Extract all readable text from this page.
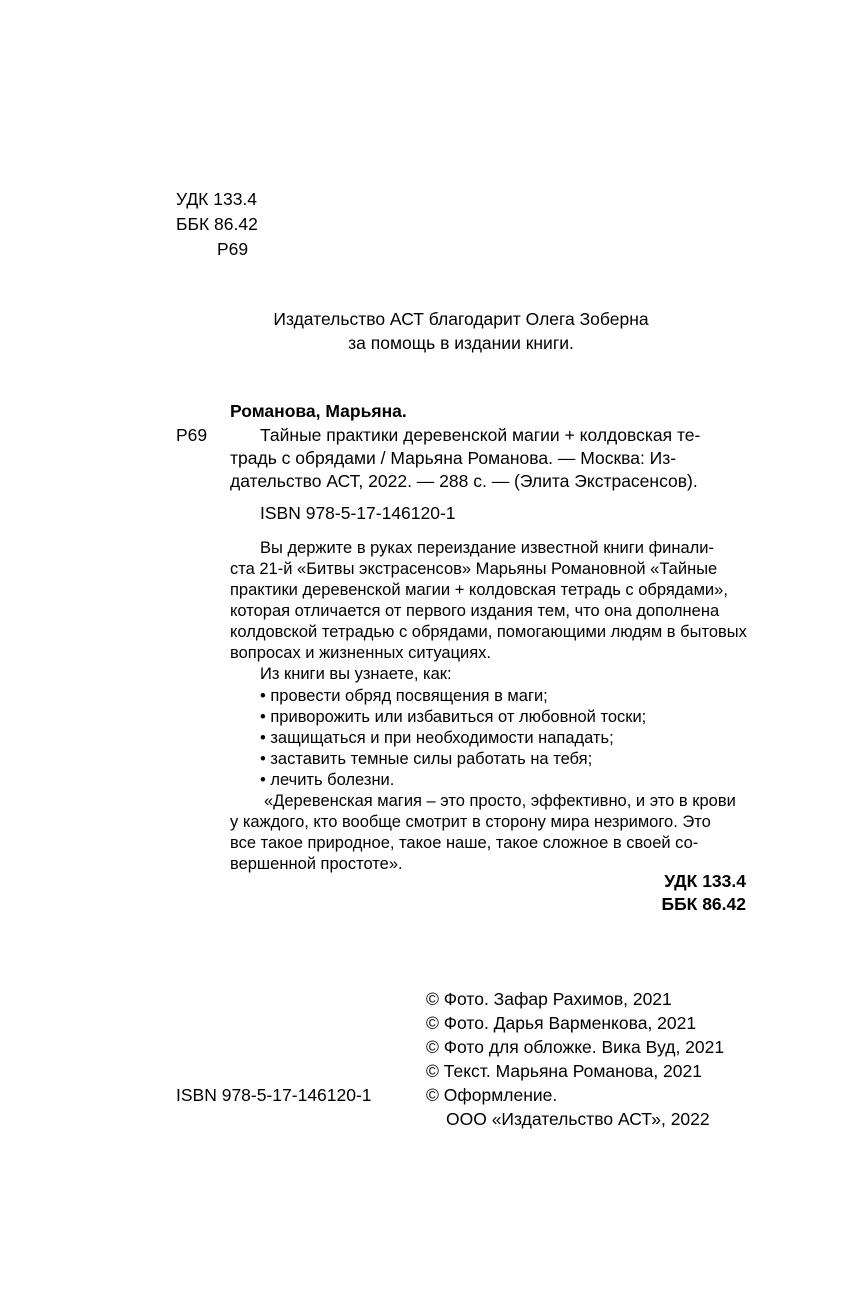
УДК 133.4
ББК 86.42
Р69
Издательство АСТ благодарит Олега Зоберна
за помощь в издании книги.
Романова, Марьяна.
Р69	Тайные практики деревенской магии + колдовская те-
традь с обрядами / Марьяна Романова. — Москва: Из-
дательство АСТ, 2022. — 288 с. — (Элита Экстрасенсов).
ISBN 978-5-17-146120-1
Вы держите в руках переиздание известной книги финали-
ста 21-й «Битвы экстрасенсов» Марьяны Романовной «Тайные
практики деревенской магии + колдовская тетрадь с обрядами»,
которая отличается от первого издания тем, что она дополнена
колдовской тетрадью с обрядами, помогающими людям в бытовых
вопросах и жизненных ситуациях.
Из книги вы узнаете, как:
• провести обряд посвящения в маги;
• приворожить или избавиться от любовной тоски;
• защищаться и при необходимости нападать;
• заставить темные силы работать на тебя;
• лечить болезни.
«Деревенская магия – это просто, эффективно, и это в крови
у каждого, кто вообще смотрит в сторону мира незримого. Это
все такое природное, такое наше, такое сложное в своей со-
вершенной простоте».
УДК 133.4
ББК 86.42
© Фото. Зафар Рахимов, 2021
© Фото. Дарья Варменкова, 2021
© Фото для обложке. Вика Вуд, 2021
© Текст. Марьяна Романова, 2021
ISBN 978-5-17-146120-1	© Оформление.
ООО «Издательство АСТ», 2022
